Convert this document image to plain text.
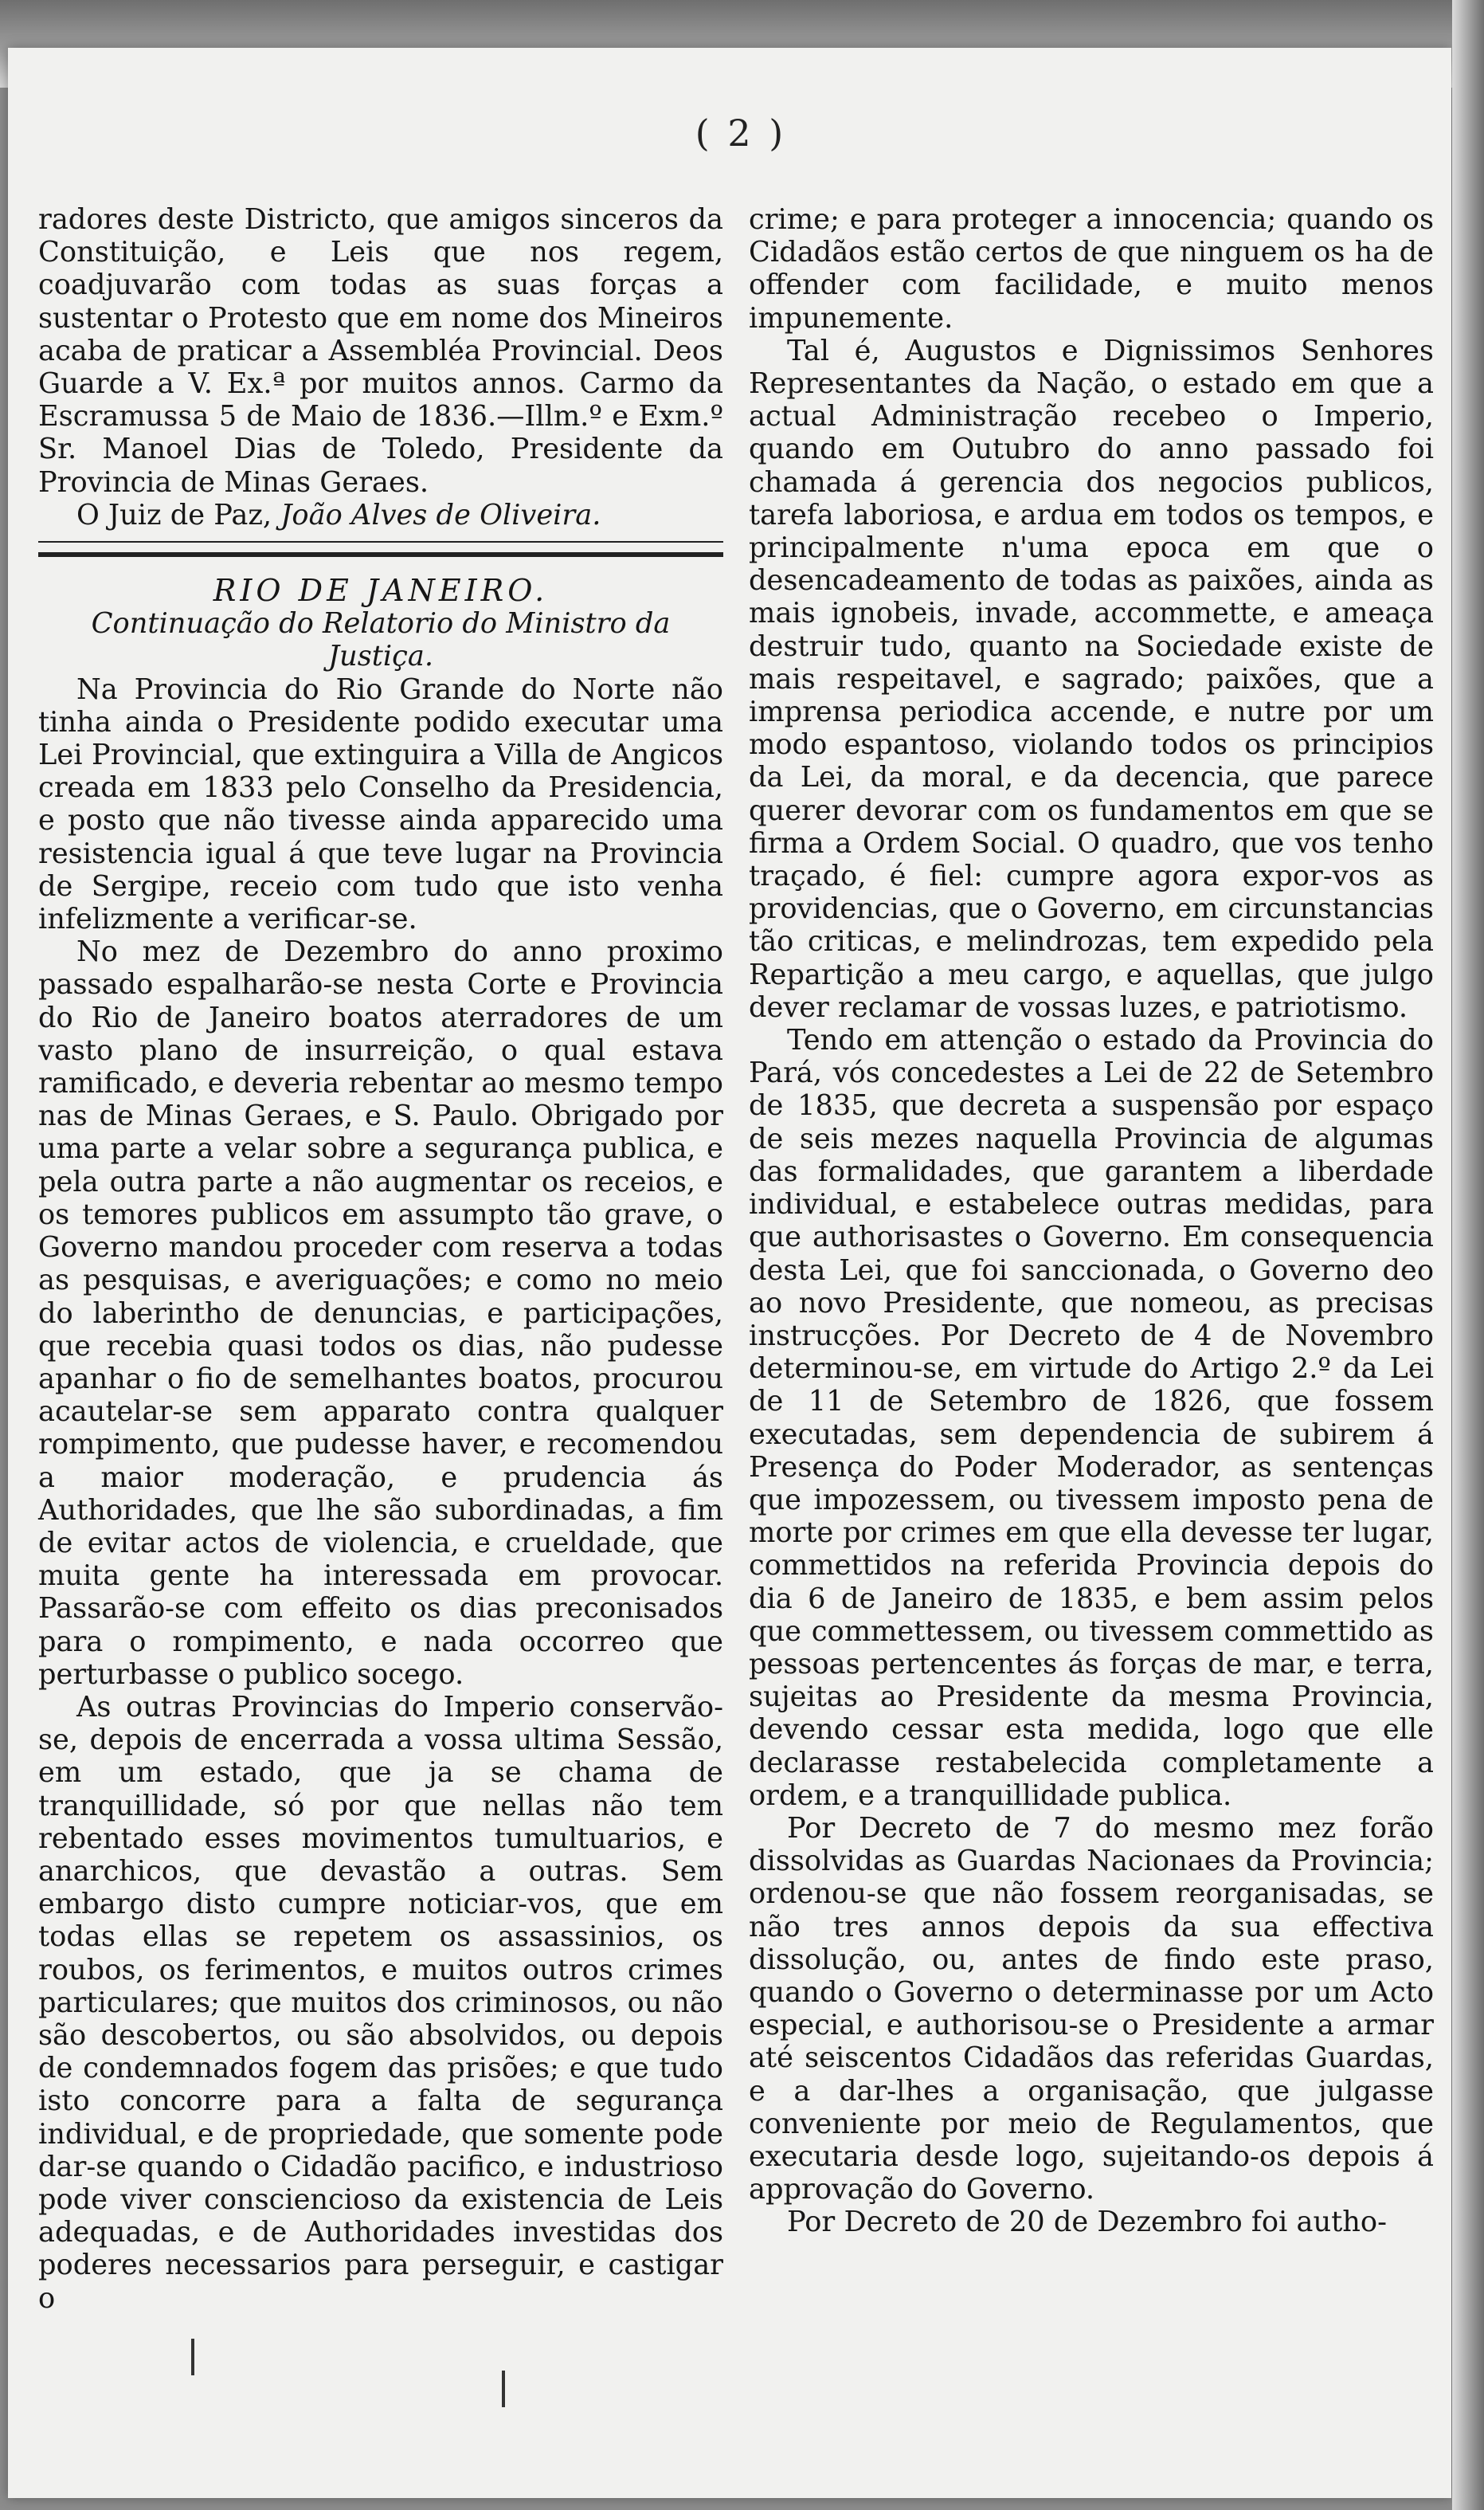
( 2 )

radores deste Districto, que amigos sinceros da Constituição, e Leis que nos regem, coadjuvarão com todas as suas forças a sustentar o Protesto que em nome dos Mineiros acaba de praticar a Assembléa Provincial. Deos Guarde a V. Ex.ª por muitos annos. Carmo da Escramussa 5 de Maio de 1836.—Illm.º e Exm.º Sr. Manoel Dias de Toledo, Presidente da Provincia de Minas Geraes.

O Juiz de Paz, João Alves de Oliveira.

RIO DE JANEIRO.

Continuação do Relatorio do Ministro da Justiça.

Na Provincia do Rio Grande do Norte não tinha ainda o Presidente podido executar uma Lei Provincial, que extinguira a Villa de Angicos creada em 1833 pelo Conselho da Presidencia, e posto que não tivesse ainda apparecido uma resistencia igual á que teve lugar na Provincia de Sergipe, receio com tudo que isto venha infelizmente a verificar-se.

No mez de Dezembro do anno proximo passado espalharão-se nesta Corte e Provincia do Rio de Janeiro boatos aterradores de um vasto plano de insurreição, o qual estava ramificado, e deveria rebentar ao mesmo tempo nas de Minas Geraes, e S. Paulo. Obrigado por uma parte a velar sobre a segurança publica, e pela outra parte a não augmentar os receios, e os temores publicos em assumpto tão grave, o Governo mandou proceder com reserva a todas as pesquisas, e averiguações; e como no meio do laberintho de denuncias, e participações, que recebia quasi todos os dias, não pudesse apanhar o fio de semelhantes boatos, procurou acautelar-se sem apparato contra qualquer rompimento, que pudesse haver, e recomendou a maior moderação, e prudencia ás Authoridades, que lhe são subordinadas, a fim de evitar actos de violencia, e crueldade, que muita gente ha interessada em provocar. Passarão-se com effeito os dias preconisados para o rompimento, e nada occorreo que perturbasse o publico socego.

As outras Provincias do Imperio conservão-se, depois de encerrada a vossa ultima Sessão, em um estado, que ja se chama de tranquillidade, só por que nellas não tem rebentado esses movimentos tumultuarios, e anarchicos, que devastão a outras. Sem embargo disto cumpre noticiar-vos, que em todas ellas se repetem os assassinios, os roubos, os ferimentos, e muitos outros crimes particulares; que muitos dos criminosos, ou não são descobertos, ou são absolvidos, ou depois de condemnados fogem das prisões; e que tudo isto concorre para a falta de segurança individual, e de propriedade, que somente pode dar-se quando o Cidadão pacifico, e industrioso pode viver consciencioso da existencia de Leis adequadas, e de Authoridades investidas dos poderes necessarios para perseguir, e castigar o

crime; e para proteger a innocencia; quando os Cidadãos estão certos de que ninguem os ha de offender com facilidade, e muito menos impunemente.

Tal é, Augustos e Dignissimos Senhores Representantes da Nação, o estado em que a actual Administração recebeo o Imperio, quando em Outubro do anno passado foi chamada á gerencia dos negocios publicos, tarefa laboriosa, e ardua em todos os tempos, e principalmente n'uma epoca em que o desencadeamento de todas as paixões, ainda as mais ignobeis, invade, accommette, e ameaça destruir tudo, quanto na Sociedade existe de mais respeitavel, e sagrado; paixões, que a imprensa periodica accende, e nutre por um modo espantoso, violando todos os principios da Lei, da moral, e da decencia, que parece querer devorar com os fundamentos em que se firma a Ordem Social. O quadro, que vos tenho traçado, é fiel: cumpre agora expor-vos as providencias, que o Governo, em circunstancias tão criticas, e melindrozas, tem expedido pela Repartição a meu cargo, e aquellas, que julgo dever reclamar de vossas luzes, e patriotismo.

Tendo em attenção o estado da Provincia do Pará, vós concedestes a Lei de 22 de Setembro de 1835, que decreta a suspensão por espaço de seis mezes naquella Provincia de algumas das formalidades, que garantem a liberdade individual, e estabelece outras medidas, para que authorisastes o Governo. Em consequencia desta Lei, que foi sanccionada, o Governo deo ao novo Presidente, que nomeou, as precisas instrucções. Por Decreto de 4 de Novembro determinou-se, em virtude do Artigo 2.º da Lei de 11 de Setembro de 1826, que fossem executadas, sem dependencia de subirem á Presença do Poder Moderador, as sentenças que impozessem, ou tivessem imposto pena de morte por crimes em que ella devesse ter lugar, commettidos na referida Provincia depois do dia 6 de Janeiro de 1835, e bem assim pelos que commettessem, ou tivessem commettido as pessoas pertencentes ás forças de mar, e terra, sujeitas ao Presidente da mesma Provincia, devendo cessar esta medida, logo que elle declarasse restabelecida completamente a ordem, e a tranquillidade publica.

Por Decreto de 7 do mesmo mez forão dissolvidas as Guardas Nacionaes da Provincia; ordenou-se que não fossem reorganisadas, se não tres annos depois da sua effectiva dissolução, ou, antes de findo este praso, quando o Governo o determinasse por um Acto especial, e authorisou-se o Presidente a armar até seiscentos Cidadãos das referidas Guardas, e a dar-lhes a organisação, que julgasse conveniente por meio de Regulamentos, que executaria desde logo, sujeitando-os depois á approvação do Governo.

Por Decreto de 20 de Dezembro foi autho-
